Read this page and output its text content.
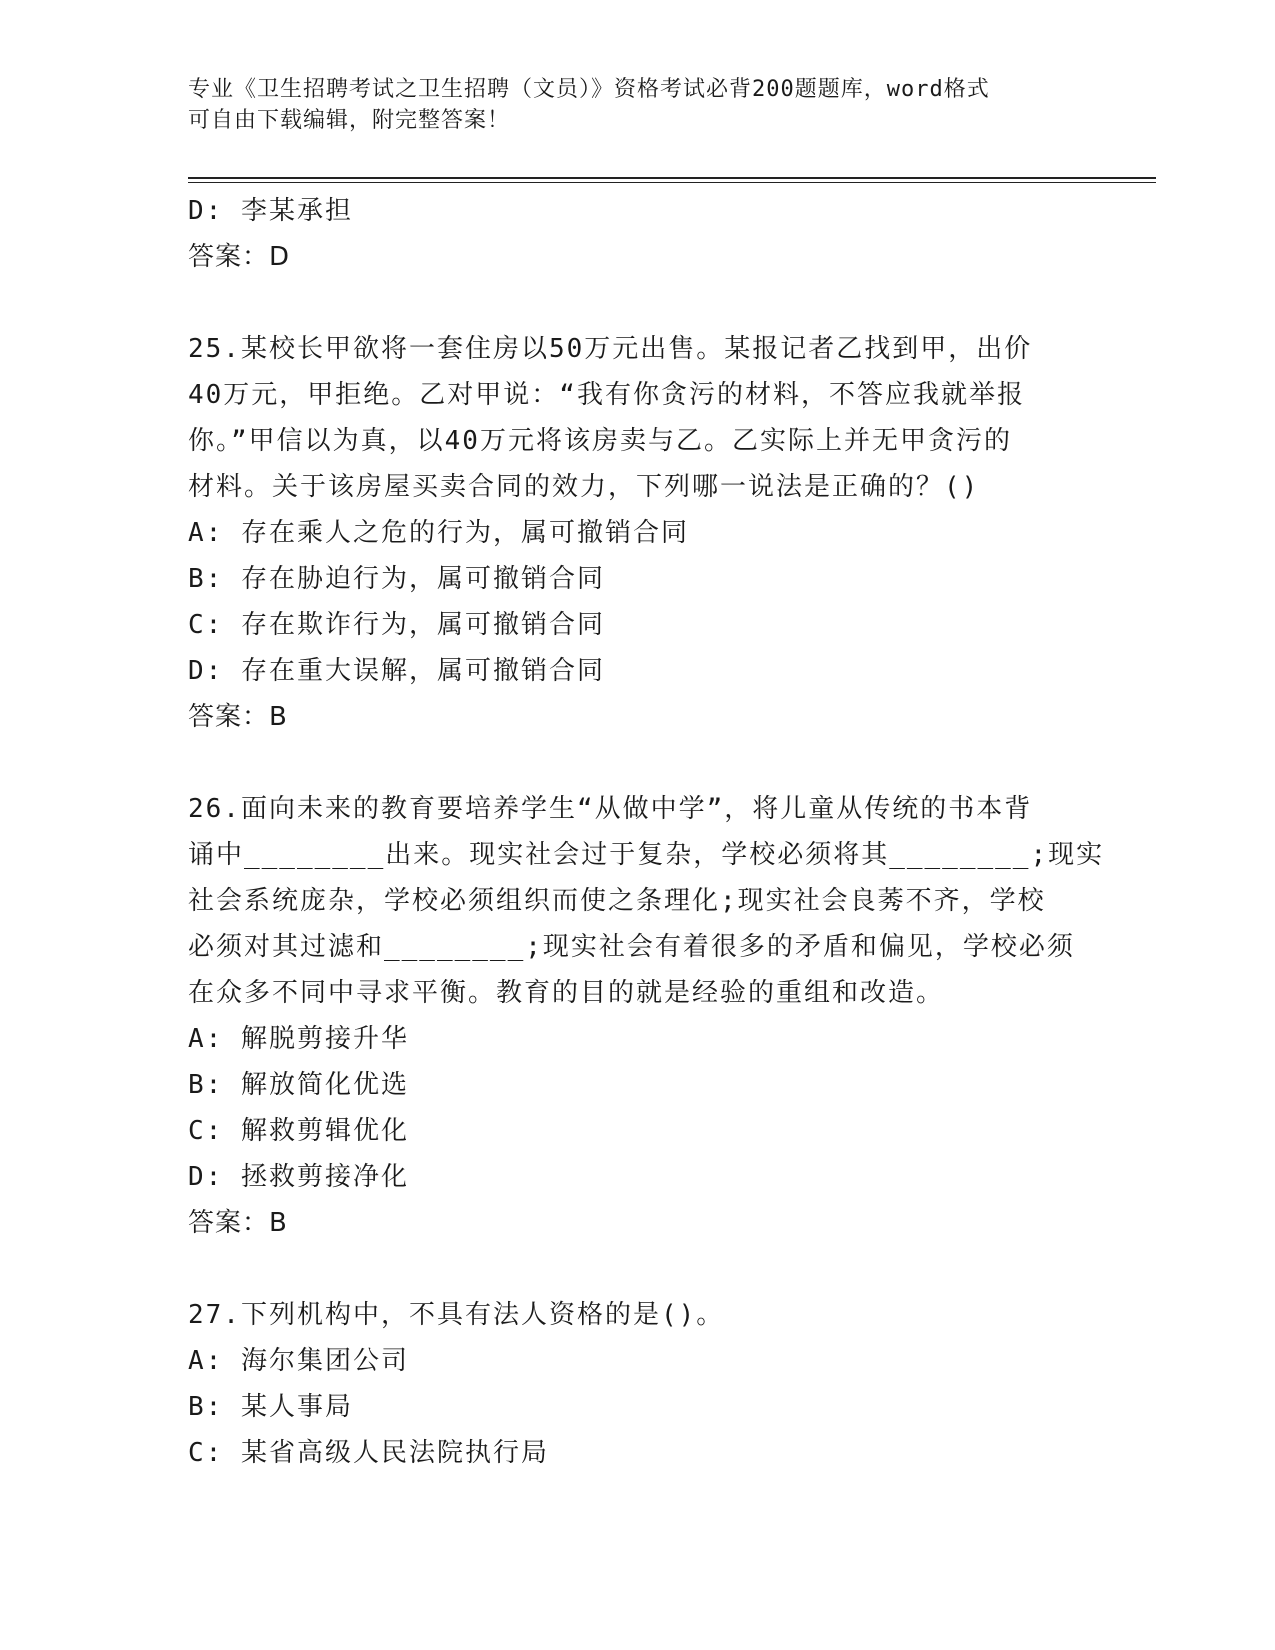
专业《卫生招聘考试之卫生招聘（文员）》资格考试必背200题题库，word格式
可自由下载编辑，附完整答案！
D: 李某承担
答案：D
25.某校长甲欲将一套住房以50万元出售。某报记者乙找到甲，出价
40万元，甲拒绝。乙对甲说：“我有你贪污的材料，不答应我就举报
你。”甲信以为真，以40万元将该房卖与乙。乙实际上并无甲贪污的
材料。关于该房屋买卖合同的效力，下列哪一说法是正确的？()
A: 存在乘人之危的行为，属可撤销合同
B: 存在胁迫行为，属可撤销合同
C: 存在欺诈行为，属可撤销合同
D: 存在重大误解，属可撤销合同
答案：B
26.面向未来的教育要培养学生“从做中学”，将儿童从传统的书本背
诵中________出来。现实社会过于复杂，学校必须将其________;现实
社会系统庞杂，学校必须组织而使之条理化;现实社会良莠不齐，学校
必须对其过滤和________;现实社会有着很多的矛盾和偏见，学校必须
在众多不同中寻求平衡。教育的目的就是经验的重组和改造。
A: 解脱剪接升华
B: 解放简化优选
C: 解救剪辑优化
D: 拯救剪接净化
答案：B
27.下列机构中，不具有法人资格的是()。
A: 海尔集团公司
B: 某人事局
C: 某省高级人民法院执行局
